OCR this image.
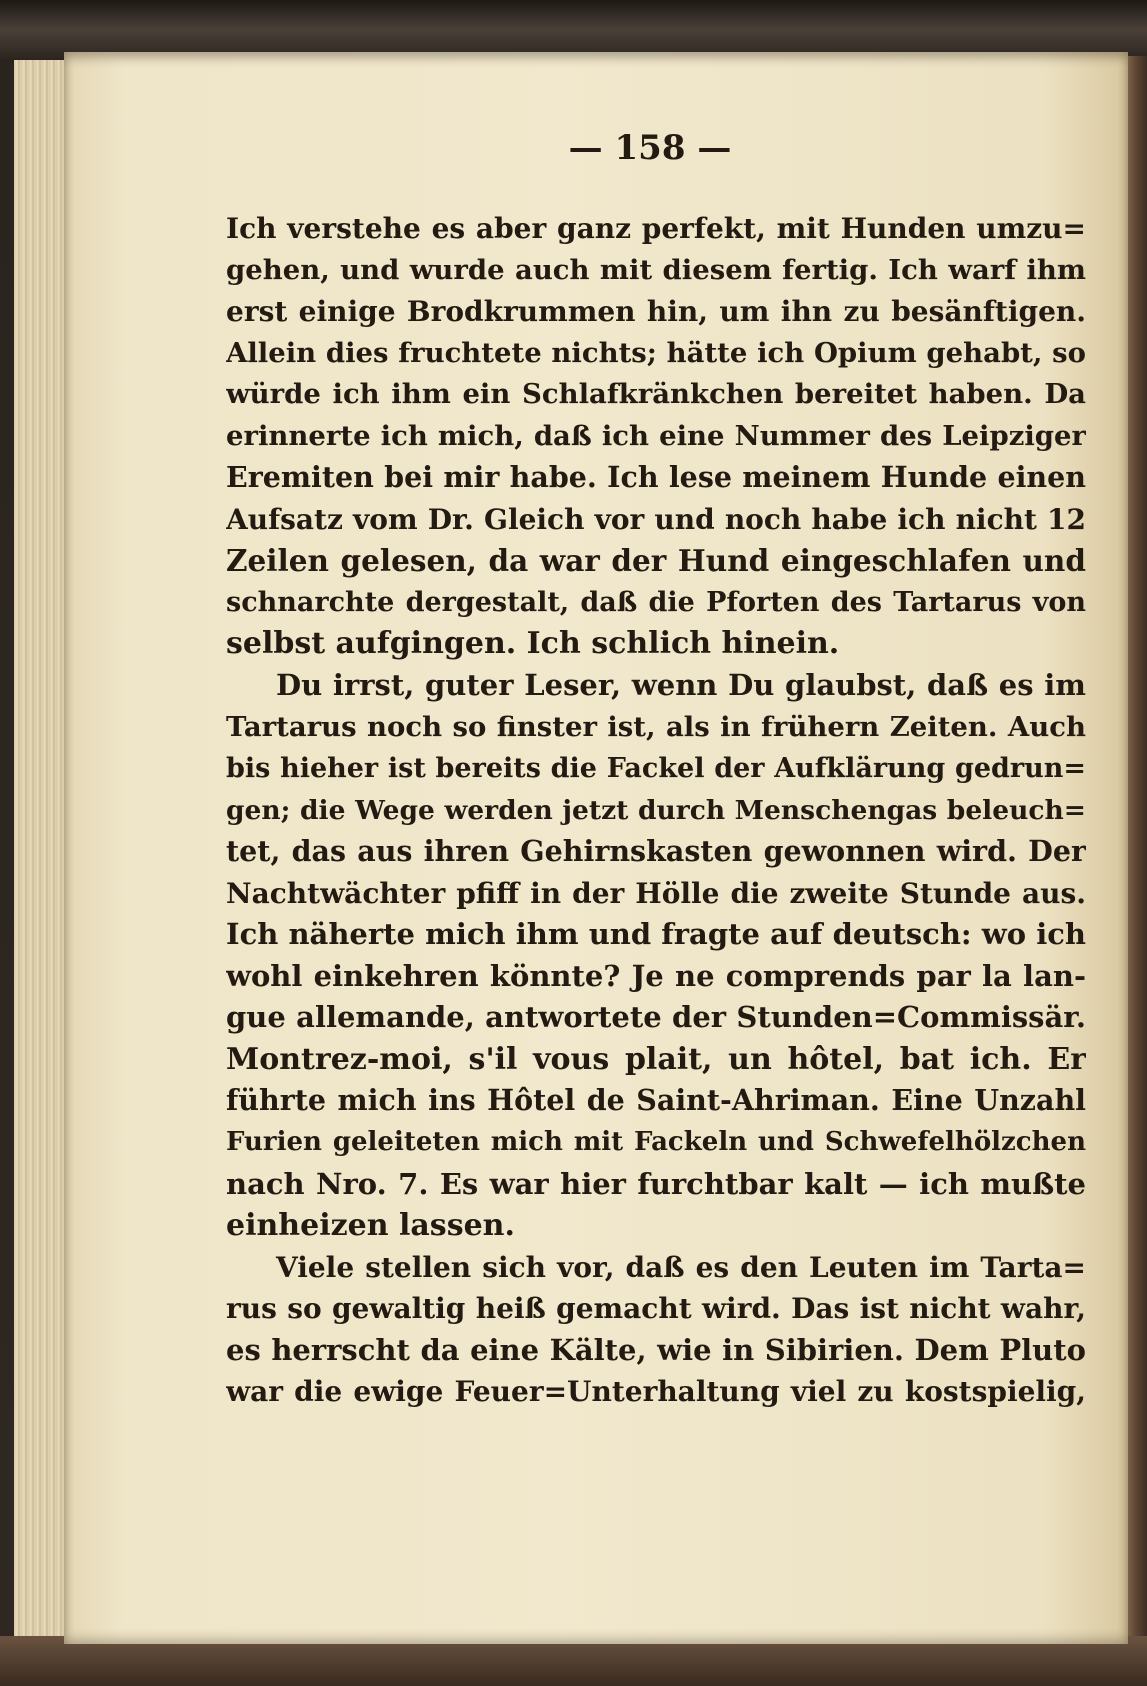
— 158 —
Ich verstehe es aber ganz perfekt, mit Hunden umzu=
gehen, und wurde auch mit diesem fertig. Ich warf ihm
erst einige Brodkrummen hin, um ihn zu besänftigen.
Allein dies fruchtete nichts; hätte ich Opium gehabt, so
würde ich ihm ein Schlafkränkchen bereitet haben. Da
erinnerte ich mich, daß ich eine Nummer des Leipziger
Eremiten bei mir habe. Ich lese meinem Hunde einen
Aufsatz vom Dr. Gleich vor und noch habe ich nicht 12
Zeilen gelesen, da war der Hund eingeschlafen und
schnarchte dergestalt, daß die Pforten des Tartarus von
selbst aufgingen. Ich schlich hinein.
Du irrst, guter Leser, wenn Du glaubst, daß es im
Tartarus noch so finster ist, als in frühern Zeiten. Auch
bis hieher ist bereits die Fackel der Aufklärung gedrun=
gen; die Wege werden jetzt durch Menschengas beleuch=
tet, das aus ihren Gehirnskasten gewonnen wird. Der
Nachtwächter pfiff in der Hölle die zweite Stunde aus.
Ich näherte mich ihm und fragte auf deutsch: wo ich
wohl einkehren könnte? Je ne comprends par la lan-
gue allemande, antwortete der Stunden=Commissär.
Montrez-moi, s'il vous plait, un hôtel, bat ich. Er
führte mich ins Hôtel de Saint-Ahriman. Eine Unzahl
Furien geleiteten mich mit Fackeln und Schwefelhölzchen
nach Nro. 7. Es war hier furchtbar kalt — ich mußte
einheizen lassen.
Viele stellen sich vor, daß es den Leuten im Tarta=
rus so gewaltig heiß gemacht wird. Das ist nicht wahr,
es herrscht da eine Kälte, wie in Sibirien. Dem Pluto
war die ewige Feuer=Unterhaltung viel zu kostspielig,
